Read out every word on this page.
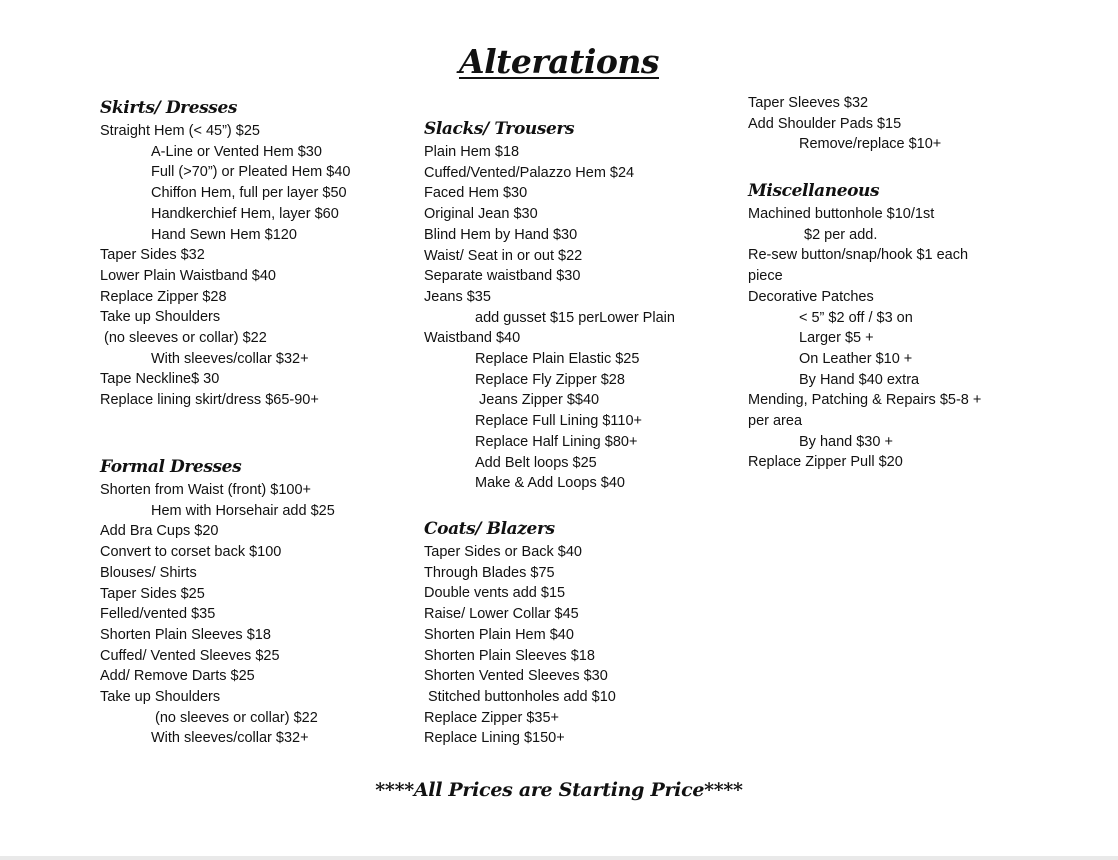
Alterations
Skirts/ Dresses
Straight Hem (< 45”) $25
A-Line or Vented Hem $30
Full (>70”) or Pleated Hem $40
Chiffon Hem, full per layer $50
Handkerchief Hem, layer $60
Hand Sewn Hem $120
Taper Sides $32
Lower Plain Waistband $40
Replace Zipper $28
Take up Shoulders
(no sleeves or collar) $22
With sleeves/collar $32+
Tape Neckline$ 30
Replace lining skirt/dress $65-90+
Formal Dresses
Shorten from Waist (front) $100+
Hem with Horsehair add $25
Add Bra Cups $20
Convert to corset back $100
Blouses/ Shirts
Taper Sides $25
Felled/vented $35
Shorten Plain Sleeves $18
Cuffed/ Vented Sleeves $25
Add/ Remove Darts $25
Take up Shoulders
(no sleeves or collar) $22
With sleeves/collar $32+
Slacks/ Trousers
Plain Hem $18
Cuffed/Vented/Palazzo Hem $24
Faced Hem $30
Original Jean $30
Blind Hem by Hand $30
Waist/ Seat in or out $22
Separate waistband $30
Jeans $35
add gusset $15 perLower Plain
Waistband $40
Replace Plain Elastic $25
Replace Fly Zipper $28
Jeans Zipper $$40
Replace Full Lining $110+
Replace Half Lining $80+
Add Belt loops $25
Make & Add Loops $40
Coats/ Blazers
Taper Sides or Back $40
Through Blades $75
Double vents add $15
Raise/ Lower Collar $45
Shorten Plain Hem $40
Shorten Plain Sleeves $18
Shorten Vented Sleeves $30
Stitched buttonholes add $10
Replace Zipper $35+
Replace Lining $150+
Taper Sleeves $32
Add Shoulder Pads $15
Remove/replace $10+
Miscellaneous
Machined buttonhole $10/1st
$2 per add.
Re-sew button/snap/hook $1 each
piece
Decorative Patches
< 5” $2 off / $3 on
Larger $5 +
On Leather $10 +
By Hand $40 extra
Mending, Patching & Repairs $5-8 +
per area
By hand $30 +
Replace Zipper Pull $20
****All Prices are Starting Price****
